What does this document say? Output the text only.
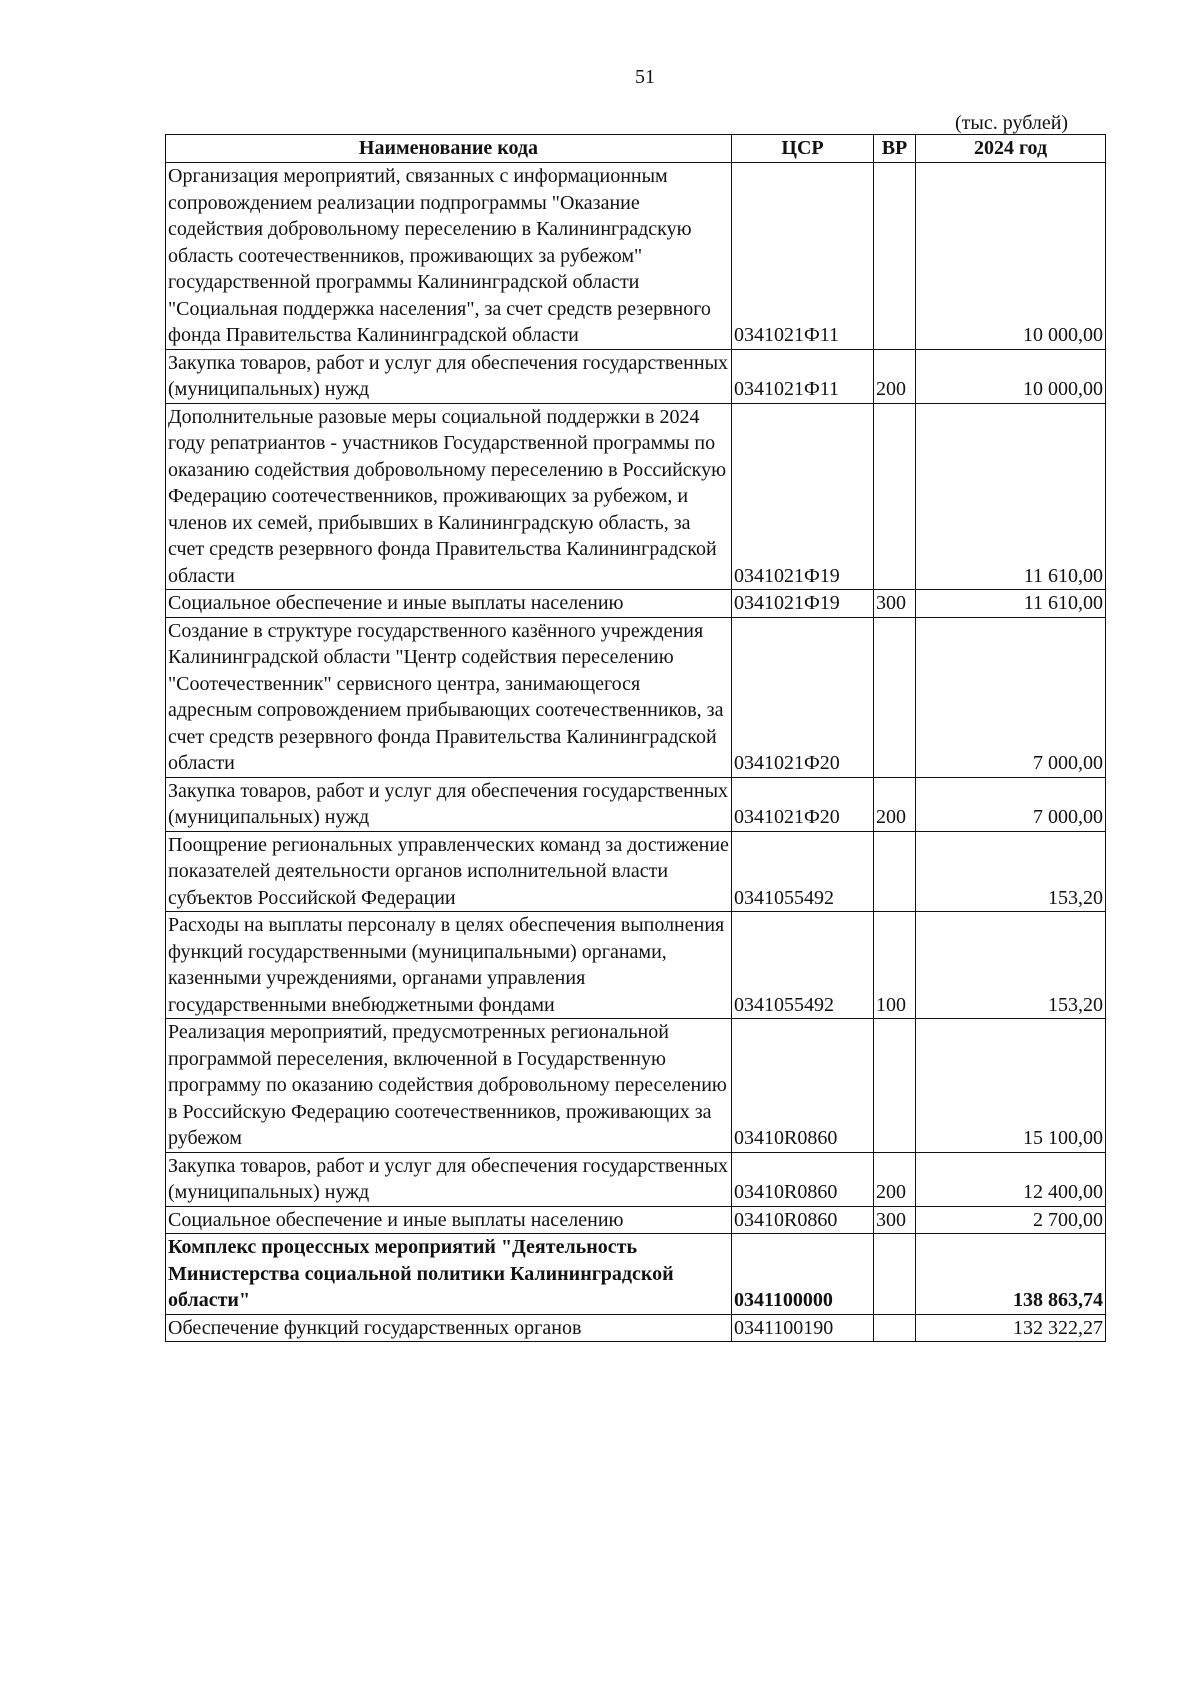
51
(тыс. рублей)
Наименование кода	ЦСР	ВР	2024 год
Организация мероприятий, связанных с информационным сопровождением реализации подпрограммы "Оказание содействия добровольному переселению в Калининградскую область соотечественников, проживающих за рубежом" государственной программы Калининградской области "Социальная поддержка населения", за счет средств резервного фонда Правительства Калининградской области	0341021Ф11		10 000,00
Закупка товаров, работ и услуг для обеспечения государственных (муниципальных) нужд	0341021Ф11	200	10 000,00
Дополнительные разовые меры социальной поддержки в 2024 году репатриантов - участников Государственной программы по оказанию содействия добровольному переселению в Российскую Федерацию соотечественников, проживающих за рубежом, и членов их семей, прибывших в Калининградскую область, за счет средств резервного фонда Правительства Калининградской области	0341021Ф19		11 610,00
Социальное обеспечение и иные выплаты населению	0341021Ф19	300	11 610,00
Создание в структуре государственного казённого учреждения Калининградской области "Центр содействия переселению "Соотечественник" сервисного центра, занимающегося адресным сопровождением прибывающих соотечественников, за счет средств резервного фонда Правительства Калининградской области	0341021Ф20		7 000,00
Закупка товаров, работ и услуг для обеспечения государственных (муниципальных) нужд	0341021Ф20	200	7 000,00
Поощрение региональных управленческих команд за достижение показателей деятельности органов исполнительной власти субъектов Российской Федерации	0341055492		153,20
Расходы на выплаты персоналу в целях обеспечения выполнения функций государственными (муниципальными) органами, казенными учреждениями, органами управления государственными внебюджетными фондами	0341055492	100	153,20
Реализация мероприятий, предусмотренных региональной программой переселения, включенной в Государственную программу по оказанию содействия добровольному переселению в Российскую Федерацию соотечественников, проживающих за рубежом	03410R0860		15 100,00
Закупка товаров, работ и услуг для обеспечения государственных (муниципальных) нужд	03410R0860	200	12 400,00
Социальное обеспечение и иные выплаты населению	03410R0860	300	2 700,00
Комплекс процессных мероприятий "Деятельность Министерства социальной политики Калининградской области"	0341100000		138 863,74
Обеспечение функций государственных органов	0341100190		132 322,27
